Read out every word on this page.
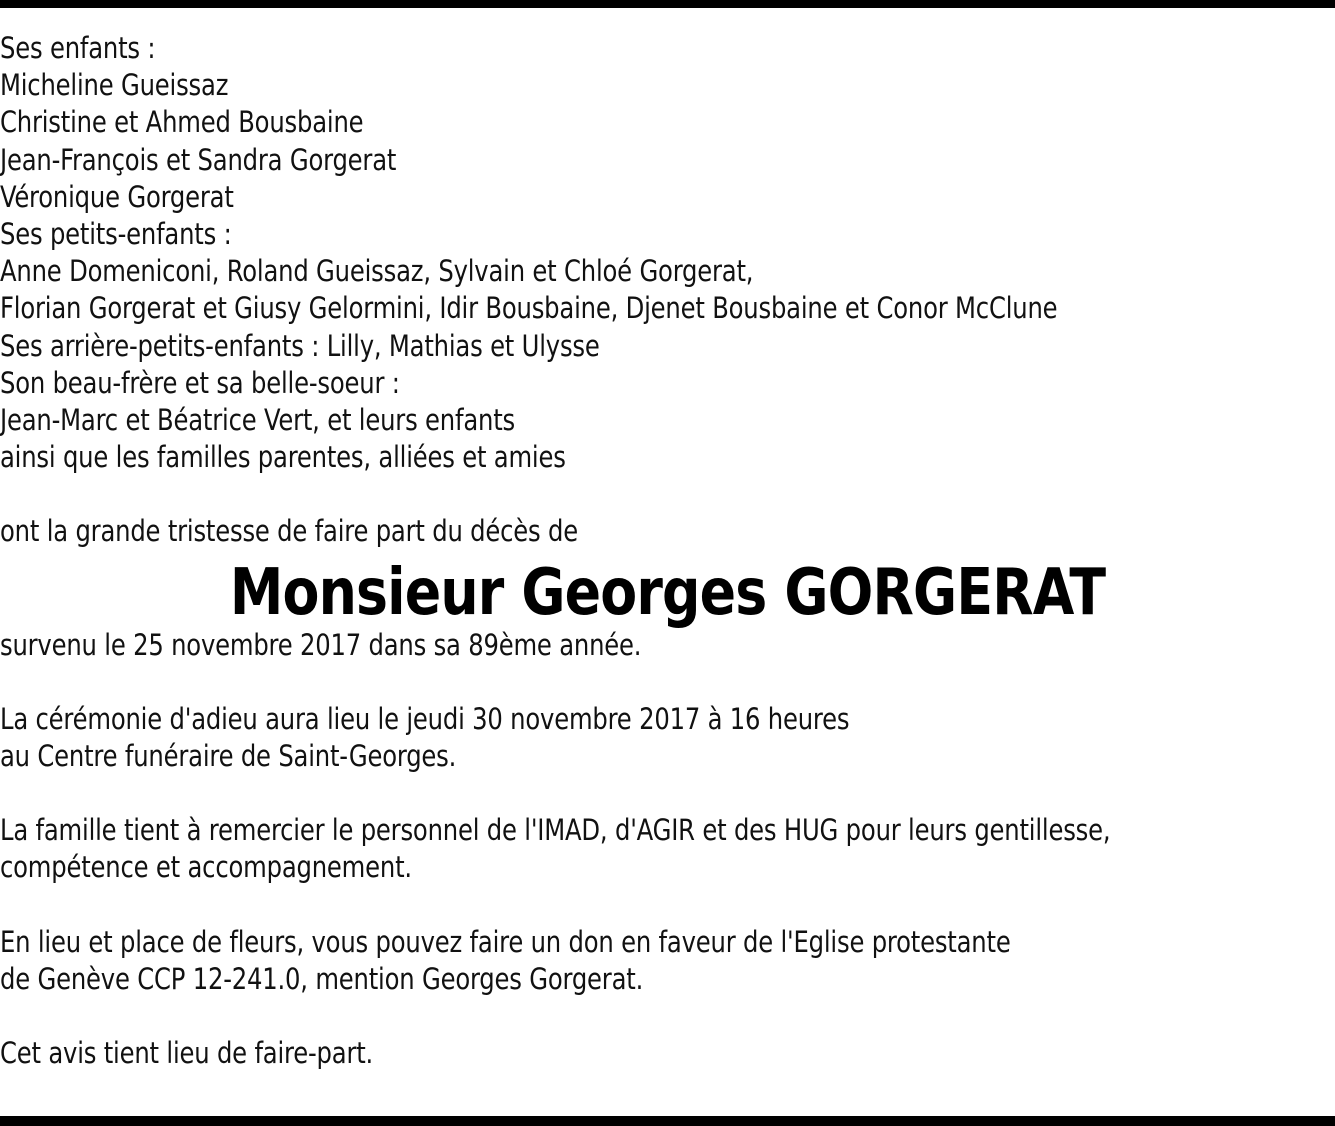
Ses enfants :
Micheline Gueissaz
Christine et Ahmed Bousbaine
Jean-François et Sandra Gorgerat
Véronique Gorgerat
Ses petits-enfants :
Anne Domeniconi, Roland Gueissaz, Sylvain et Chloé Gorgerat,
Florian Gorgerat et Giusy Gelormini, Idir Bousbaine, Djenet Bousbaine et Conor McClune
Ses arrière-petits-enfants : Lilly, Mathias et Ulysse
Son beau-frère et sa belle-soeur :
Jean-Marc et Béatrice Vert, et leurs enfants
ainsi que les familles parentes, alliées et amies
ont la grande tristesse de faire part du décès de
Monsieur Georges GORGERAT
survenu le 25 novembre 2017 dans sa 89ème année.
La cérémonie d'adieu aura lieu le jeudi 30 novembre 2017 à 16 heures
au Centre funéraire de Saint-Georges.
La famille tient à remercier le personnel de l'IMAD, d'AGIR et des HUG pour leurs gentillesse,
compétence et accompagnement.
En lieu et place de fleurs, vous pouvez faire un don en faveur de l'Eglise protestante
de Genève CCP 12-241.0, mention Georges Gorgerat.
Cet avis tient lieu de faire-part.
